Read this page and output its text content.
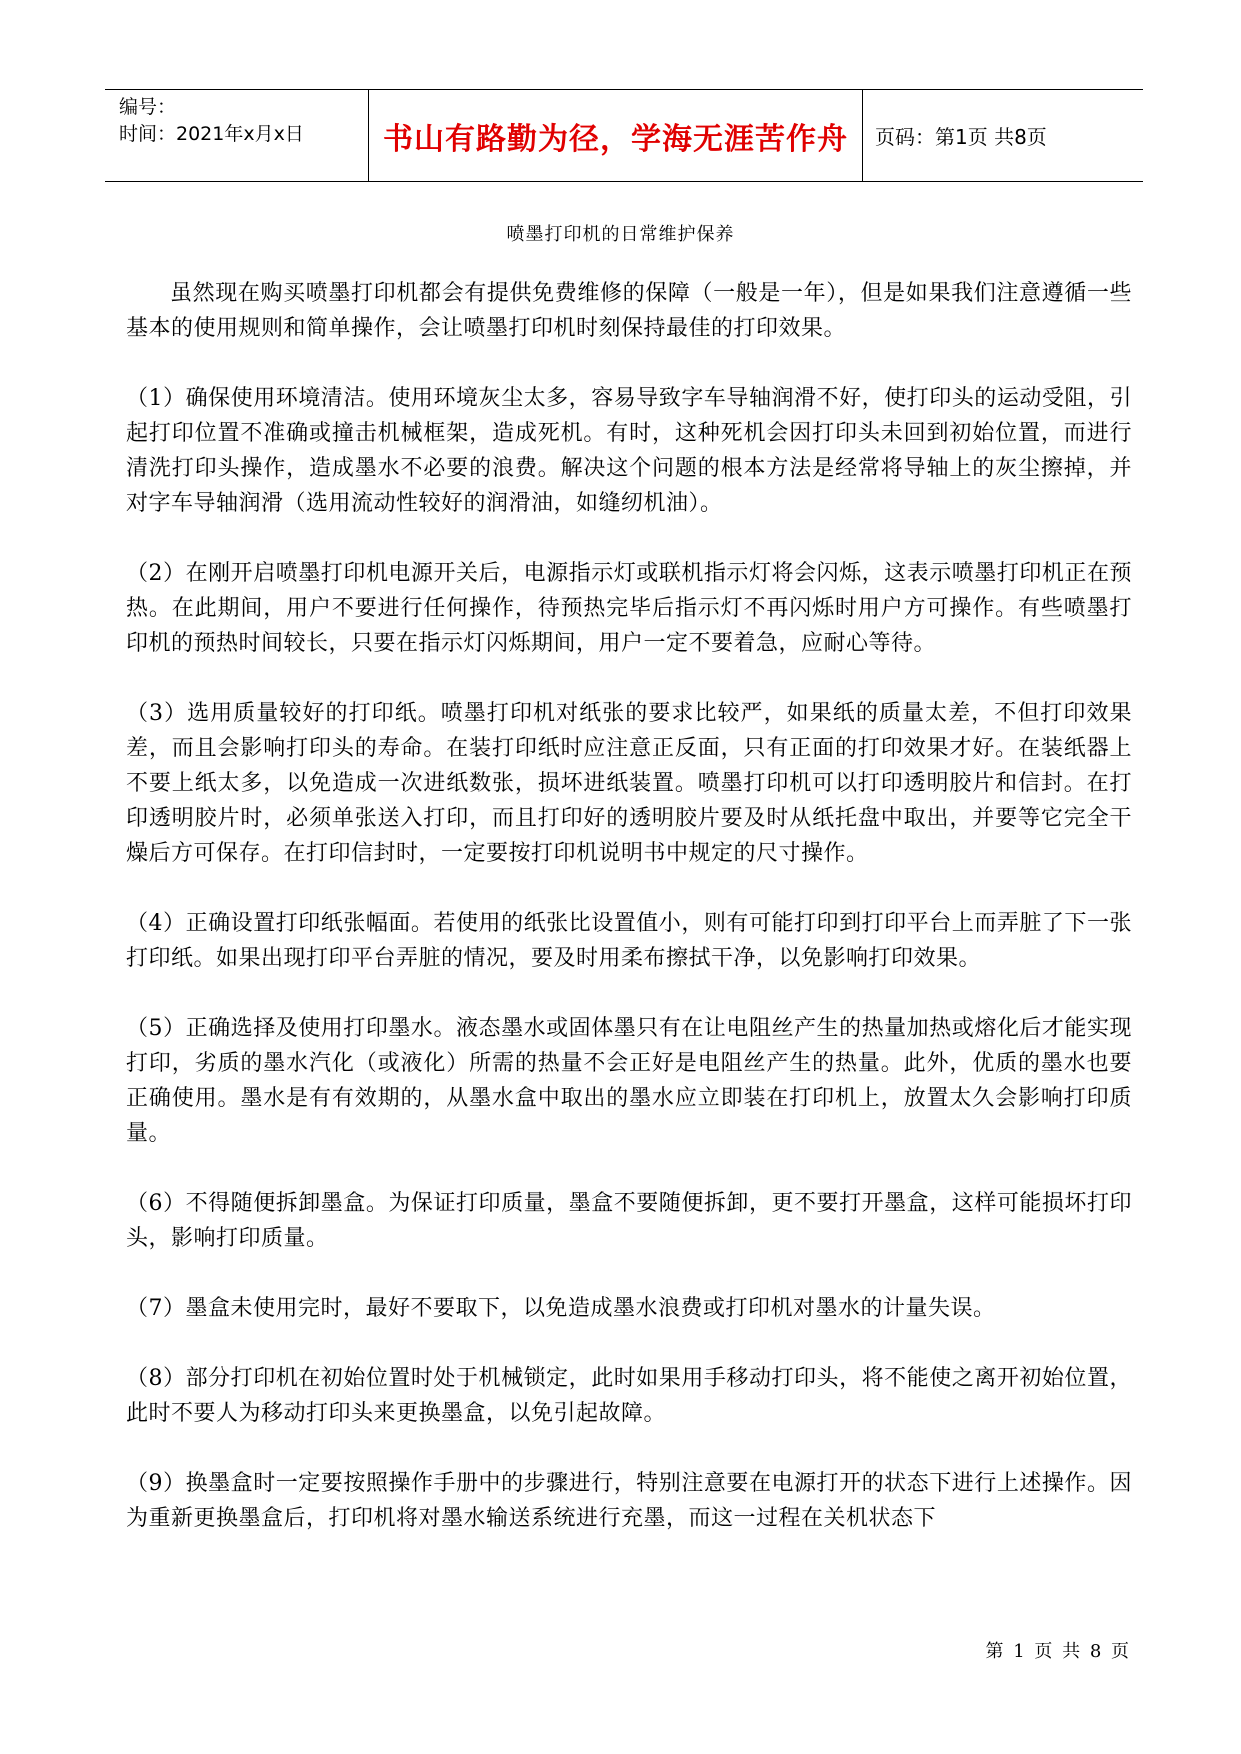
编号：
时间：2021年x月x日	书山有路勤为径，学海无涯苦作舟 页码：第1页 共8页
喷墨打印机的日常维护保养

虽然现在购买喷墨打印机都会有提供免费维修的保障（一般是一年），但是如果我们注意遵循一些基本的使用规则和简单操作，会让喷墨打印机时刻保持最佳的打印效果。

（1）确保使用环境清洁。使用环境灰尘太多，容易导致字车导轴润滑不好，使打印头的运动受阻，引起打印位置不准确或撞击机械框架，造成死机。有时，这种死机会因打印头未回到初始位置，而进行清洗打印头操作，造成墨水不必要的浪费。解决这个问题的根本方法是经常将导轴上的灰尘擦掉，并对字车导轴润滑（选用流动性较好的润滑油，如缝纫机油）。

（2）在刚开启喷墨打印机电源开关后，电源指示灯或联机指示灯将会闪烁，这表示喷墨打印机正在预热。在此期间，用户不要进行任何操作，待预热完毕后指示灯不再闪烁时用户方可操作。有些喷墨打印机的预热时间较长，只要在指示灯闪烁期间，用户一定不要着急，应耐心等待。

（3）选用质量较好的打印纸。喷墨打印机对纸张的要求比较严，如果纸的质量太差，不但打印效果差，而且会影响打印头的寿命。在装打印纸时应注意正反面，只有正面的打印效果才好。在装纸器上不要上纸太多，以免造成一次进纸数张，损坏进纸装置。喷墨打印机可以打印透明胶片和信封。在打印透明胶片时，必须单张送入打印，而且打印好的透明胶片要及时从纸托盘中取出，并要等它完全干燥后方可保存。在打印信封时，一定要按打印机说明书中规定的尺寸操作。

（4）正确设置打印纸张幅面。若使用的纸张比设置值小，则有可能打印到打印平台上而弄脏了下一张打印纸。如果出现打印平台弄脏的情况，要及时用柔布擦拭干净，以免影响打印效果。

（5）正确选择及使用打印墨水。液态墨水或固体墨只有在让电阻丝产生的热量加热或熔化后才能实现打印，劣质的墨水汽化（或液化）所需的热量不会正好是电阻丝产生的热量。此外，优质的墨水也要正确使用。墨水是有有效期的，从墨水盒中取出的墨水应立即装在打印机上，放置太久会影响打印质量。

（6）不得随便拆卸墨盒。为保证打印质量，墨盒不要随便拆卸，更不要打开墨盒，这样可能损坏打印头，影响打印质量。

（7）墨盒未使用完时，最好不要取下，以免造成墨水浪费或打印机对墨水的计量失误。

（8）部分打印机在初始位置时处于机械锁定，此时如果用手移动打印头，将不能使之离开初始位置，此时不要人为移动打印头来更换墨盒，以免引起故障。

（9）换墨盒时一定要按照操作手册中的步骤进行，特别注意要在电源打开的状态下进行上述操作。因为重新更换墨盒后，打印机将对墨水输送系统进行充墨，而这一过程在关机状态下

第 1 页 共 8 页
